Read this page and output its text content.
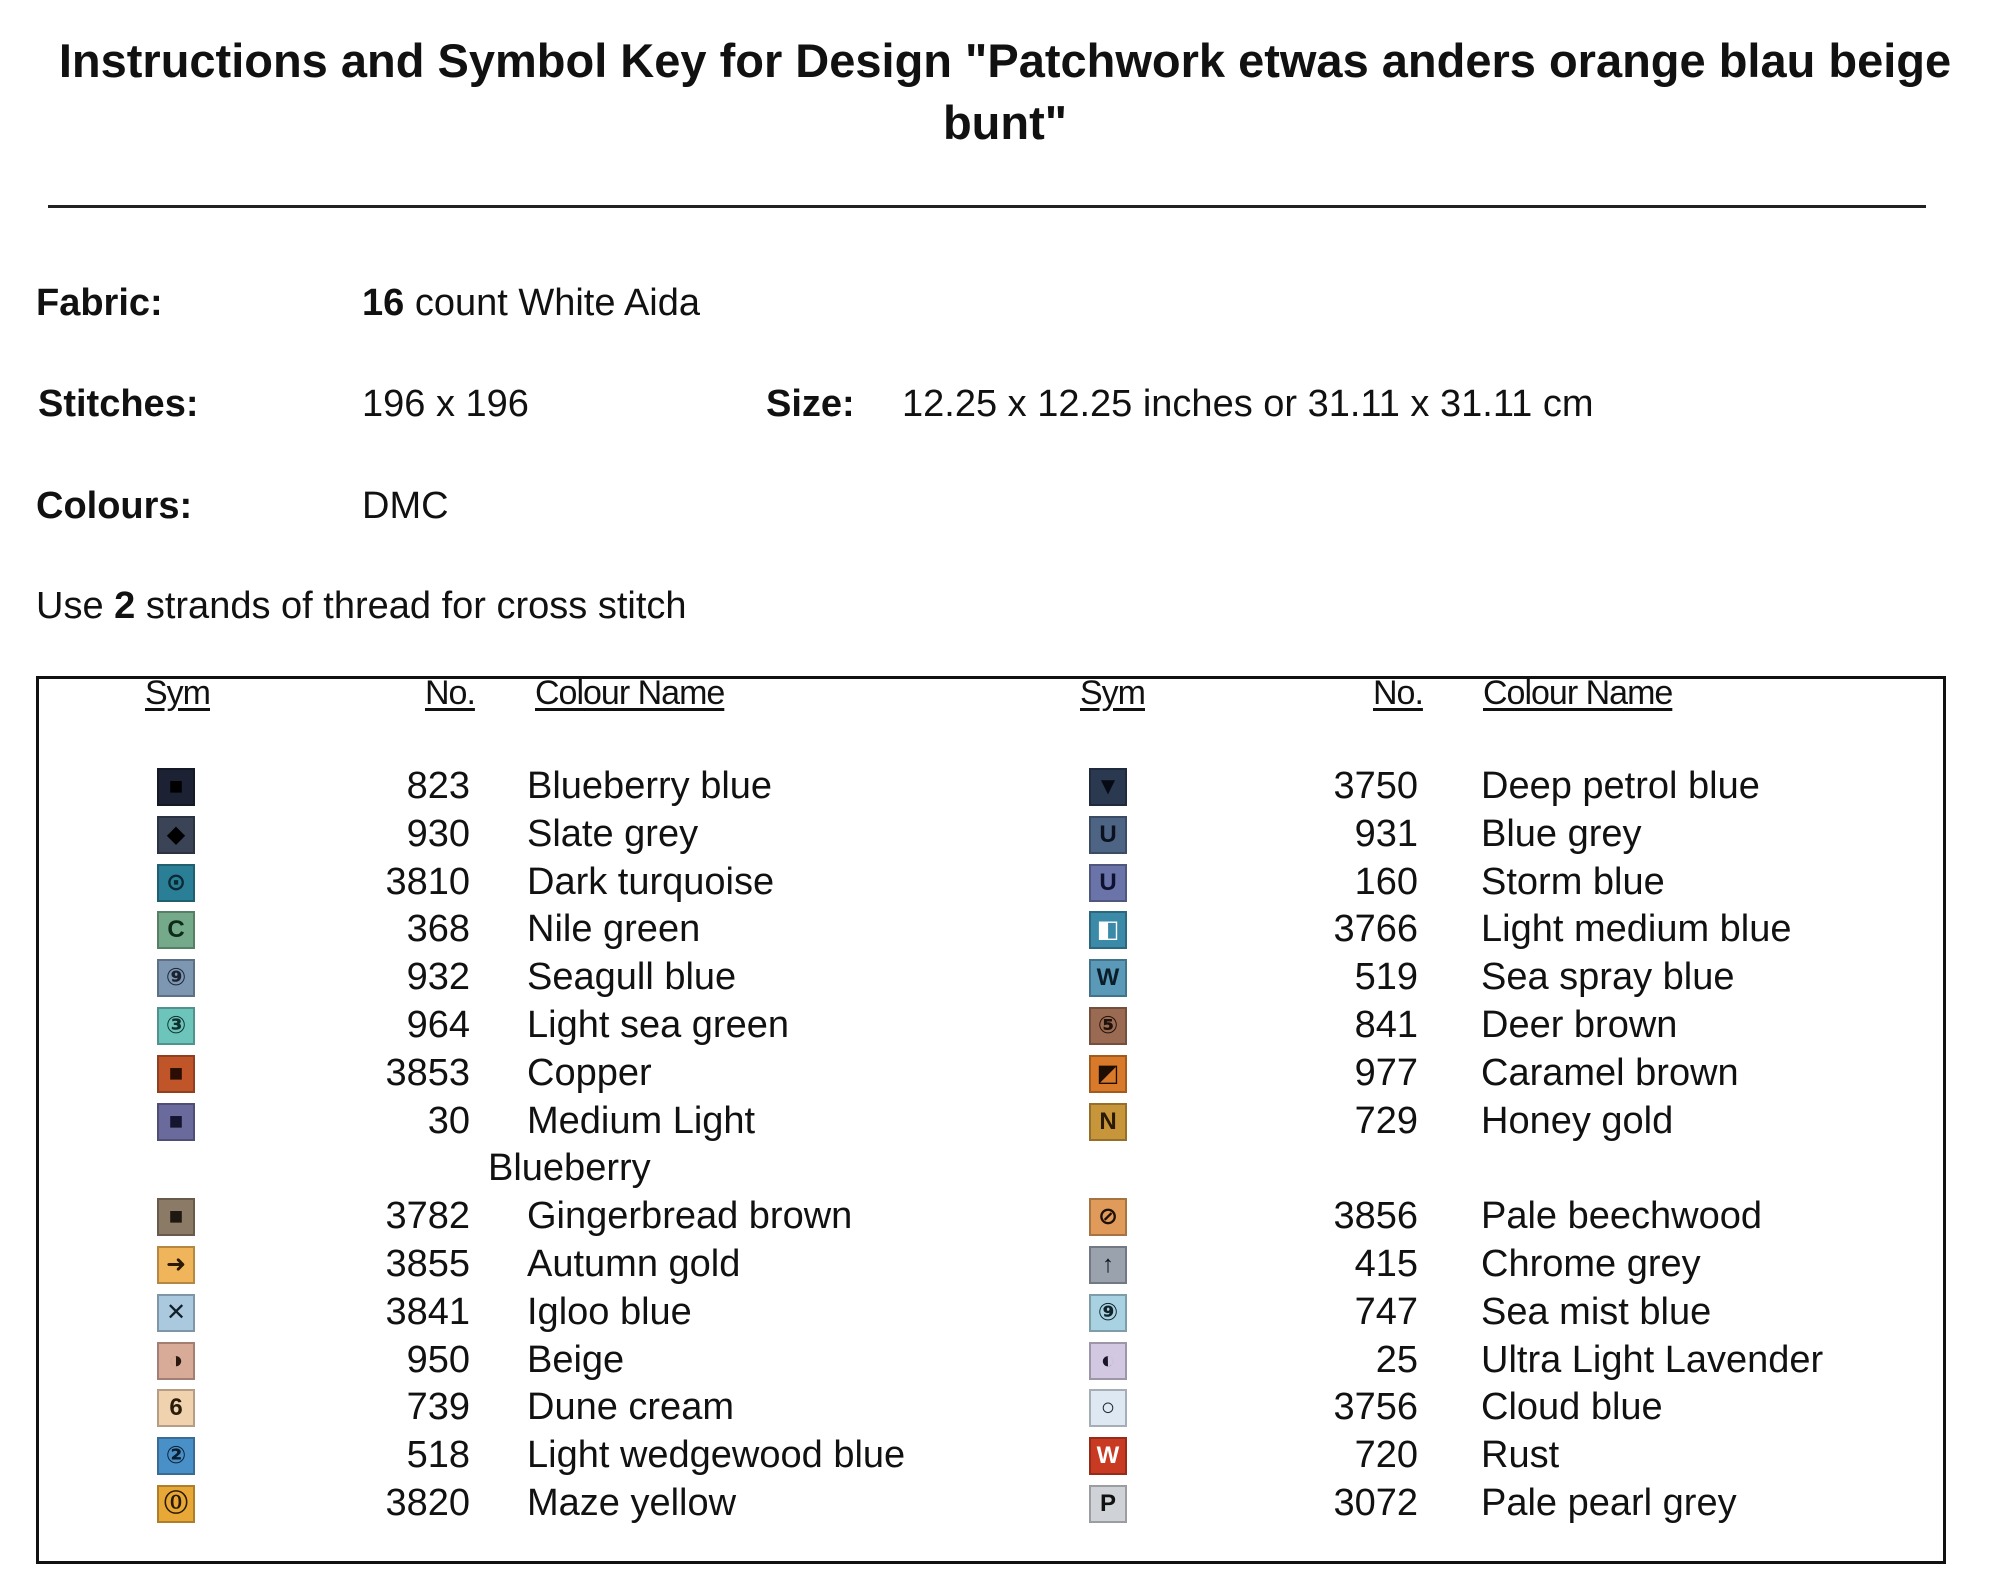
Instructions and Symbol Key for Design "Patchwork etwas anders orange blau beige bunt"
Fabric:	16 count White Aida
Stitches:	196 x 196	Size: 12.25 x 12.25 inches or 31.11 x 31.11 cm
Colours:	DMC
Use 2 strands of thread for cross stitch
Sym	No. Colour Name	Sym	No. Colour Name
■	823 Blueberry blue
◆	930 Slate grey
⊙	3810 Dark turquoise
C	368 Nile green
⑨	932 Seagull blue
③	964 Light sea green
■	3853 Copper
■	30 Medium Light
Blueberry
■	3782 Gingerbread brown
➜	3855 Autumn gold
✕	3841 Igloo blue
◑	950 Beige
6	739 Dune cream
②	518 Light wedgewood blue
⓪	3820 Maze yellow
▼	3750 Deep petrol blue
U	931 Blue grey
U	160 Storm blue
◧	3766 Light medium blue
W	519 Sea spray blue
⑤	841 Deer brown
◩	977 Caramel brown
N	729 Honey gold
⊘	3856 Pale beechwood
↑	415 Chrome grey
⑨	747 Sea mist blue
◐	25 Ultra Light Lavender
○	3756 Cloud blue
W	720 Rust
P	3072 Pale pearl grey
